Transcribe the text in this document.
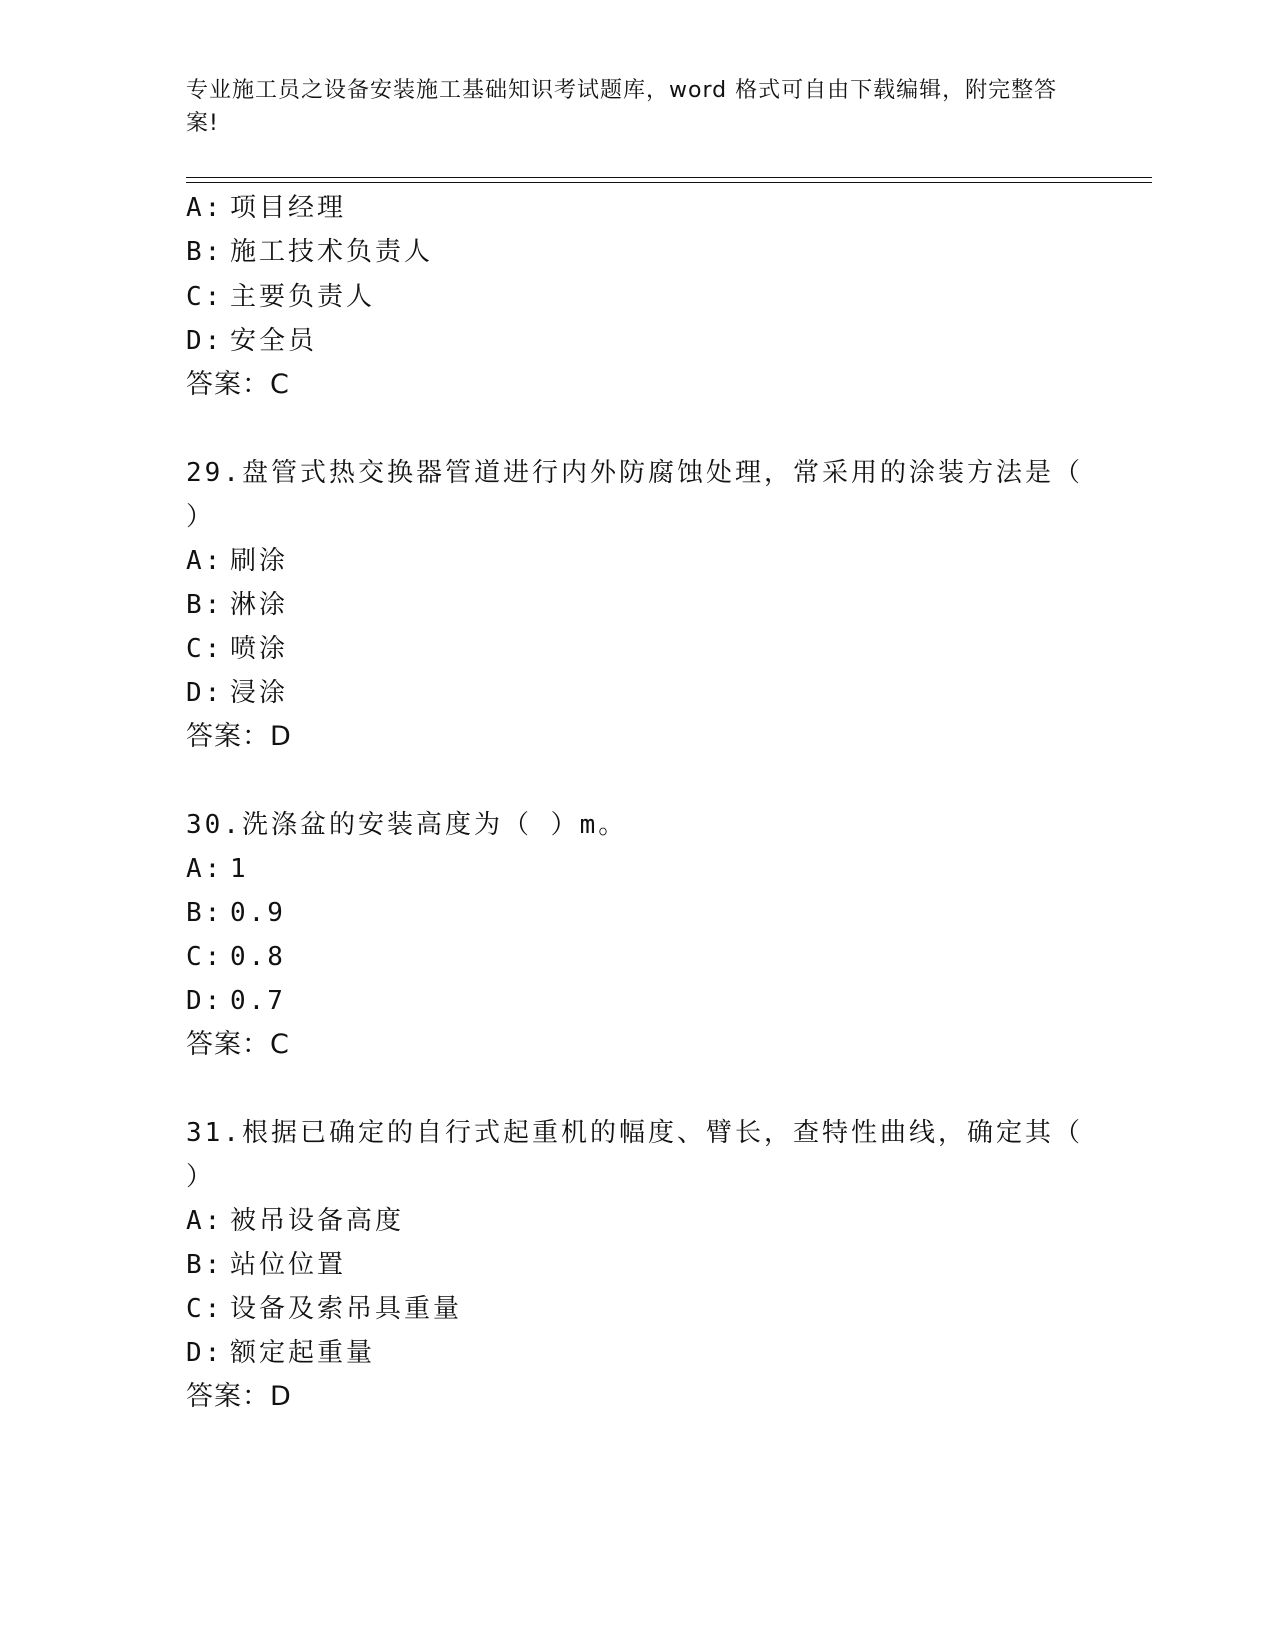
专业施工员之设备安装施工基础知识考试题库，word 格式可自由下载编辑，附完整答案!
A: 项目经理
B: 施工技术负责人
C: 主要负责人
D: 安全员
答案：C
29.盘管式热交换器管道进行内外防腐蚀处理，常采用的涂装方法是（
）
A: 刷涂
B: 淋涂
C: 喷涂
D: 浸涂
答案：D
30.洗涤盆的安装高度为（ ）m。
A: 1
B: 0.9
C: 0.8
D: 0.7
答案：C
31.根据已确定的自行式起重机的幅度、臂长，查特性曲线，确定其（
）
A: 被吊设备高度
B: 站位位置
C: 设备及索吊具重量
D: 额定起重量
答案：D
